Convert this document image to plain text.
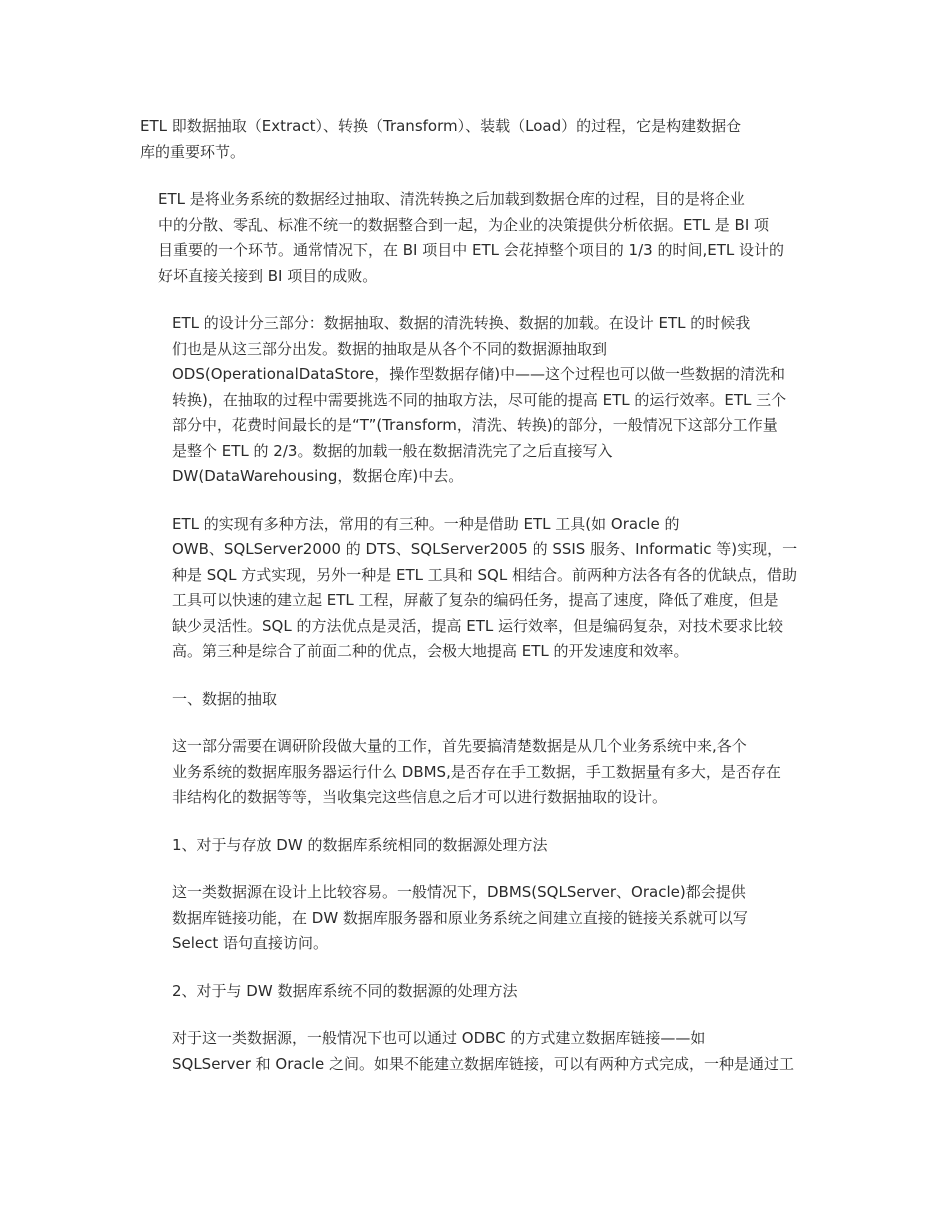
ETL 即数据抽取（Extract）、转换（Transform）、装载（Load）的过程，它是构建数据仓
库的重要环节。

ETL 是将业务系统的数据经过抽取、清洗转换之后加载到数据仓库的过程，目的是将企业
中的分散、零乱、标准不统一的数据整合到一起，为企业的决策提供分析依据。ETL 是 BI 项
目重要的一个环节。通常情况下，在 BI 项目中 ETL 会花掉整个项目的 1/3 的时间,ETL 设计的
好坏直接关接到 BI 项目的成败。

ETL 的设计分三部分：数据抽取、数据的清洗转换、数据的加载。在设计 ETL 的时候我
们也是从这三部分出发。数据的抽取是从各个不同的数据源抽取到
ODS(OperationalDataStore，操作型数据存储)中——这个过程也可以做一些数据的清洗和
转换)，在抽取的过程中需要挑选不同的抽取方法，尽可能的提高 ETL 的运行效率。ETL 三个
部分中，花费时间最长的是“T”(Transform，清洗、转换)的部分，一般情况下这部分工作量
是整个 ETL 的 2/3。数据的加载一般在数据清洗完了之后直接写入
DW(DataWarehousing，数据仓库)中去。

ETL 的实现有多种方法，常用的有三种。一种是借助 ETL 工具(如 Oracle 的
OWB、SQLServer2000 的 DTS、SQLServer2005 的 SSIS 服务、Informatic 等)实现，一
种是 SQL 方式实现，另外一种是 ETL 工具和 SQL 相结合。前两种方法各有各的优缺点，借助
工具可以快速的建立起 ETL 工程，屏蔽了复杂的编码任务，提高了速度，降低了难度，但是
缺少灵活性。SQL 的方法优点是灵活，提高 ETL 运行效率，但是编码复杂，对技术要求比较
高。第三种是综合了前面二种的优点，会极大地提高 ETL 的开发速度和效率。

一、数据的抽取

这一部分需要在调研阶段做大量的工作，首先要搞清楚数据是从几个业务系统中来,各个
业务系统的数据库服务器运行什么 DBMS,是否存在手工数据，手工数据量有多大，是否存在
非结构化的数据等等，当收集完这些信息之后才可以进行数据抽取的设计。

1、对于与存放 DW 的数据库系统相同的数据源处理方法

这一类数据源在设计上比较容易。一般情况下，DBMS(SQLServer、Oracle)都会提供
数据库链接功能，在 DW 数据库服务器和原业务系统之间建立直接的链接关系就可以写
Select 语句直接访问。

2、对于与 DW 数据库系统不同的数据源的处理方法

对于这一类数据源，一般情况下也可以通过 ODBC 的方式建立数据库链接——如
SQLServer 和 Oracle 之间。如果不能建立数据库链接，可以有两种方式完成，一种是通过工
